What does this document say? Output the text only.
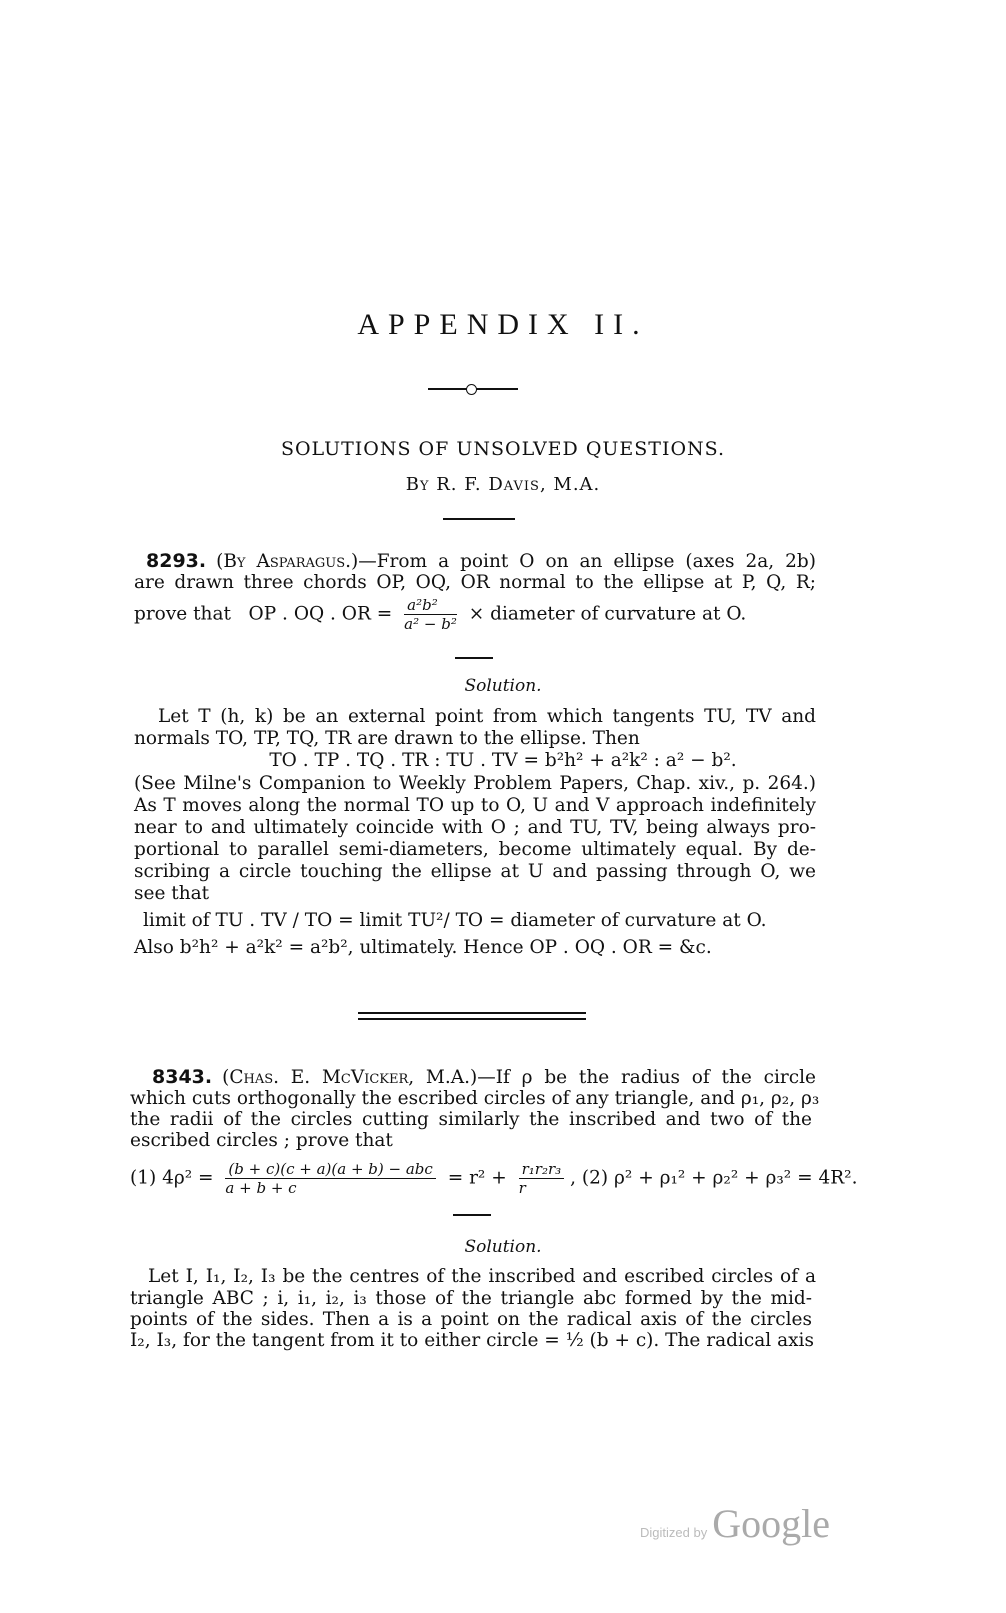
APPENDIX II.
SOLUTIONS OF UNSOLVED QUESTIONS.
By R. F. Davis, M.A.
8293. (By Asparagus.)—From a point O on an ellipse (axes 2a, 2b)
are drawn three chords OP, OQ, OR normal to the ellipse at P, Q, R;
prove that   OP . OQ . OR = $\frac{\text{a²b²}}{\text{a² − b²}}$ × diameter of curvature at O.
Solution.
Let T (h, k) be an external point from which tangents TU, TV and
normals TO, TP, TQ, TR are drawn to the ellipse. Then
TO . TP . TQ . TR : TU . TV = b²h² + a²k² : a² − b².
(See Milne's Companion to Weekly Problem Papers, Chap. xiv., p. 264.)
As T moves along the normal TO up to O, U and V approach indefinitely
near to and ultimately coincide with O ; and TU, TV, being always pro-
portional to parallel semi-diameters, become ultimately equal. By de-
scribing a circle touching the ellipse at U and passing through O, we
see that
limit of TU . TV / TO = limit TU²/ TO = diameter of curvature at O.
Also b²h² + a²k² = a²b², ultimately. Hence OP . OQ . OR = &c.
8343. (Chas. E. McVicker, M.A.)—If ρ be the radius of the circle
which cuts orthogonally the escribed circles of any triangle, and ρ₁, ρ₂, ρ₃
the radii of the circles cutting similarly the inscribed and two of the
escribed circles ; prove that
(1) $4\rho^2 = \frac{\text{(b + c)(c + a)(a + b) − abc}}{a + b + c} = r^2 + \frac{\text{r₁r₂r₃}}{r}$ , (2) ρ² + ρ₁² + ρ₂² + ρ₃² = 4R².
Solution.
Let I, I₁, I₂, I₃ be the centres of the inscribed and escribed circles of a
triangle ABC ; i, i₁, i₂, i₃ those of the triangle abc formed by the mid-
points of the sides. Then a is a point on the radical axis of the circles
I₂, I₃, for the tangent from it to either circle = ½ (b + c). The radical axis
Digitized by Google
